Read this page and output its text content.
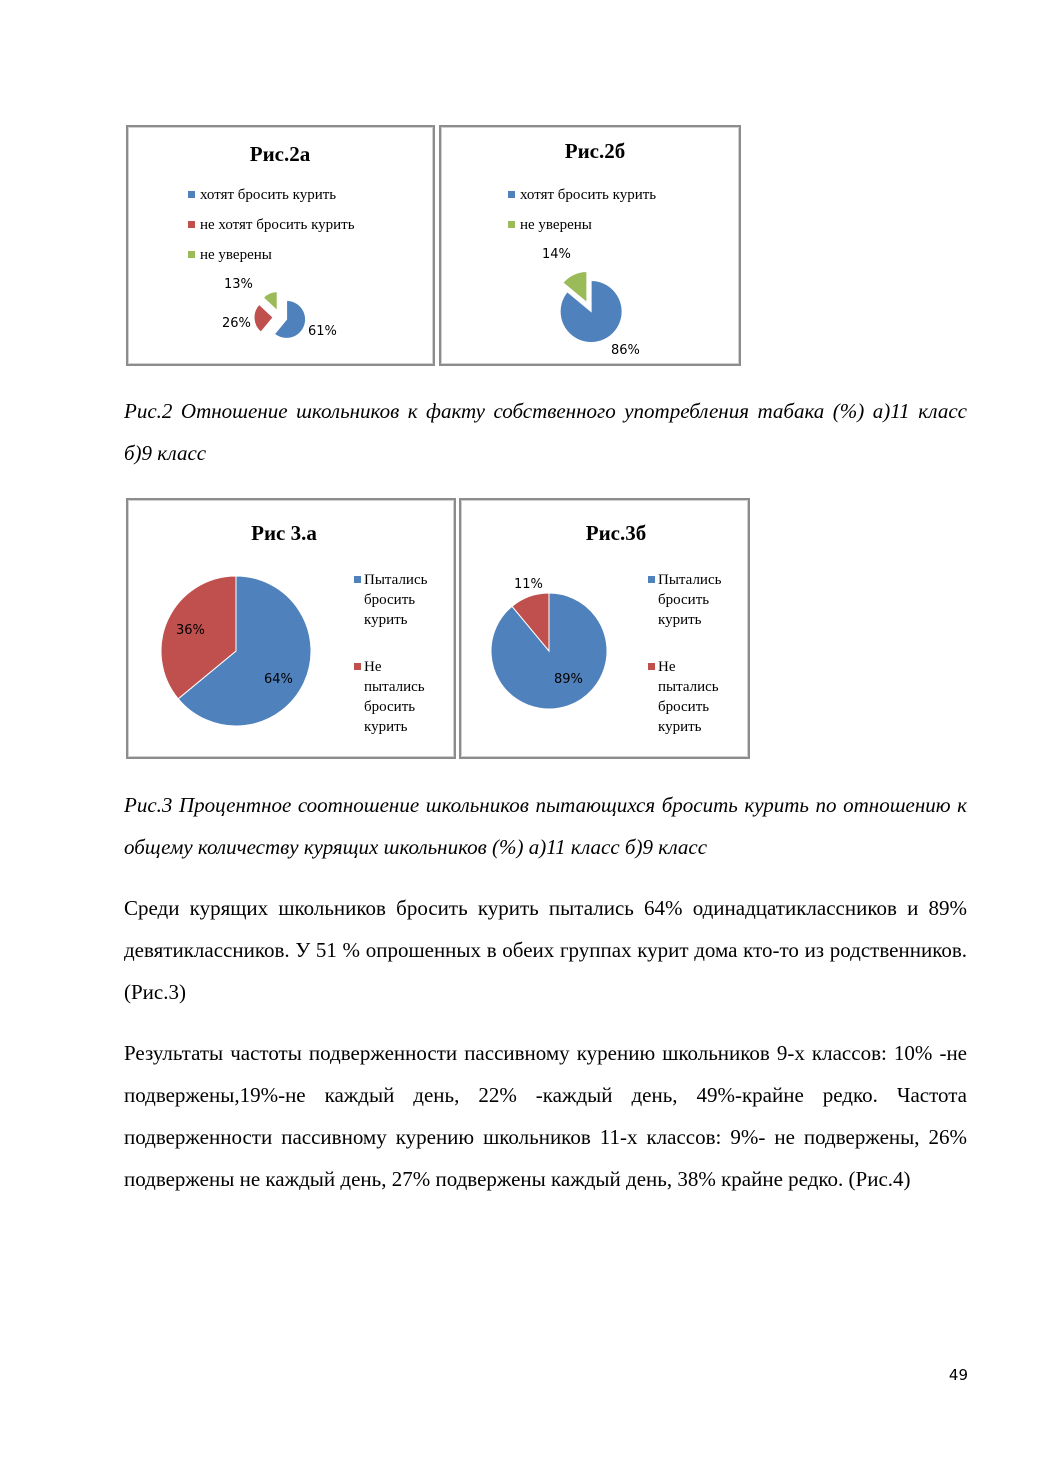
Рис.2а
хотят бросить курить
не хотят бросить курить
не уверены
61%
26%
13%
Рис.2б
хотят бросить курить
не уверены
86%
14%
Рис.2 Отношение школьников к факту собственного употребления табака (%) а)11 класс б)9 класс
Рис 3.а
64%
36%
Пытались
бросить
курить
Не
пытались
бросить
курить
Рис.3б
89%
11%	Пытались
бросить
курить
Не
пытались
бросить
курить
Рис.3 Процентное соотношение школьников пытающихся бросить курить по отношению к общему количеству курящих школьников (%) а)11 класс б)9 класс
Среди курящих школьников бросить курить пытались 64% одинадцатиклассников и 89% девятиклассников. У 51 % опрошенных в обеих группах курит дома кто-то из родственников. (Рис.3)
Результаты частоты подверженности пассивному курению школьников 9-х классов: 10% -не подвержены,19%-не каждый день, 22% -каждый день, 49%-крайне редко. Частота подверженности пассивному курению школьников 11-х классов: 9%- не подвержены, 26% подвержены не каждый день, 27% подвержены каждый день, 38% крайне редко. (Рис.4)
49
